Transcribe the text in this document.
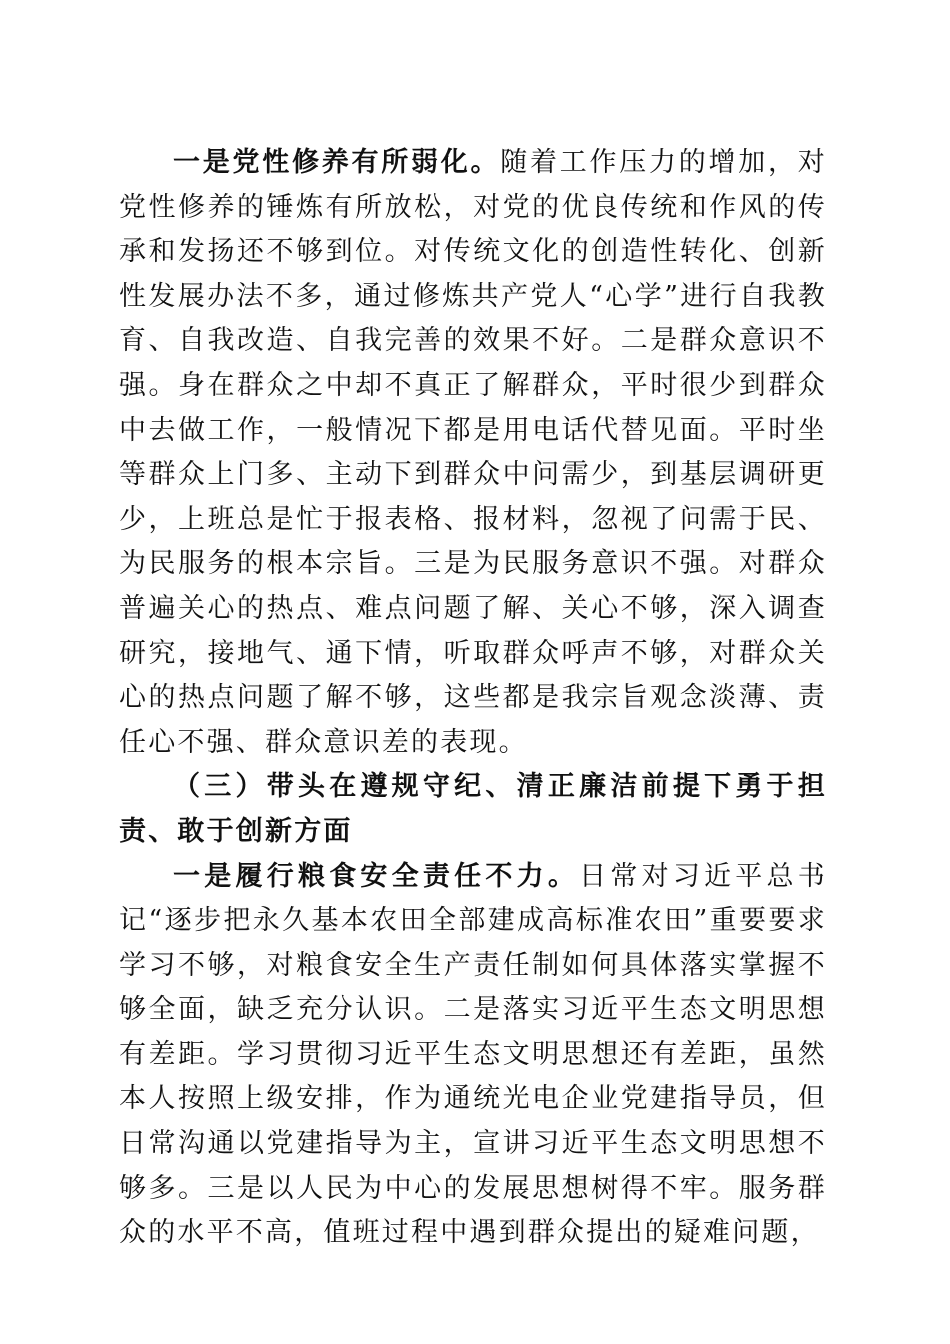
一是党性修养有所弱化。随着工作压力的增加，对党性修养的锤炼有所放松，对党的优良传统和作风的传承和发扬还不够到位。对传统文化的创造性转化、创新性发展办法不多，通过修炼共产党人“心学”进行自我教育、自我改造、自我完善的效果不好。二是群众意识不强。身在群众之中却不真正了解群众，平时很少到群众中去做工作，一般情况下都是用电话代替见面。平时坐等群众上门多、主动下到群众中问需少，到基层调研更少，上班总是忙于报表格、报材料，忽视了问需于民、为民服务的根本宗旨。三是为民服务意识不强。对群众普遍关心的热点、难点问题了解、关心不够，深入调查研究，接地气、通下情，听取群众呼声不够，对群众关心的热点问题了解不够，这些都是我宗旨观念淡薄、责任心不强、群众意识差的表现。

（三）带头在遵规守纪、清正廉洁前提下勇于担责、敢于创新方面

一是履行粮食安全责任不力。日常对习近平总书记“逐步把永久基本农田全部建成高标准农田”重要要求学习不够，对粮食安全生产责任制如何具体落实掌握不够全面，缺乏充分认识。二是落实习近平生态文明思想有差距。学习贯彻习近平生态文明思想还有差距，虽然本人按照上级安排，作为通统光电企业党建指导员，但日常沟通以党建指导为主，宣讲习近平生态文明思想不够多。三是以人民为中心的发展思想树得不牢。服务群众的水平不高，值班过程中遇到群众提出的疑难问题，
